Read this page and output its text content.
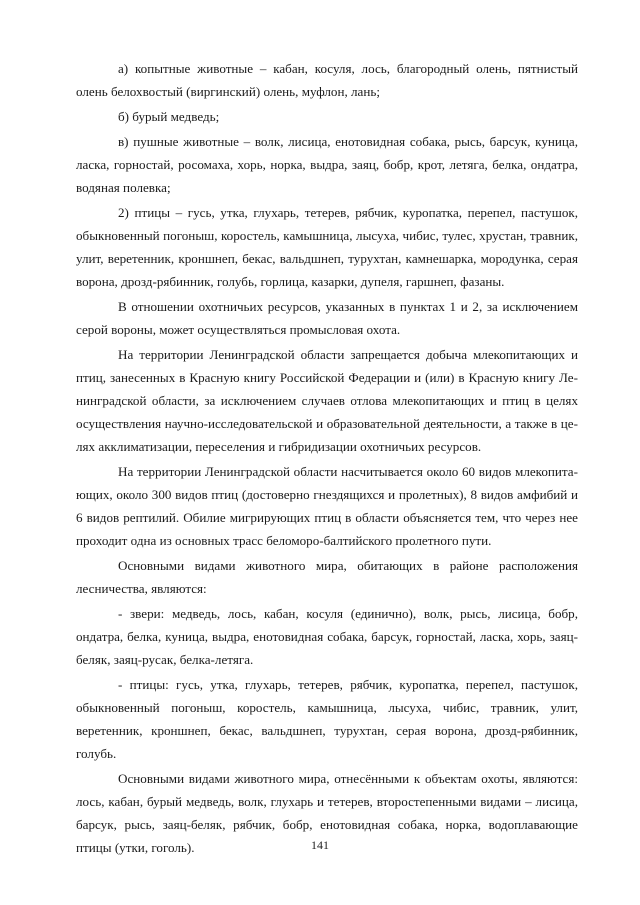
а) копытные животные – кабан, косуля, лось, благородный олень, пятнистый олень белохвостый (виргинский) олень, муфлон, лань;

б) бурый медведь;

в) пушные животные – волк, лисица, енотовидная собака, рысь, барсук, куница, ласка, горностай, росомаха, хорь, норка, выдра, заяц, бобр, крот, летяга, белка, ондатра, водяная полевка;

2) птицы – гусь, утка, глухарь, тетерев, рябчик, куропатка, перепел, пастушок, обыкновенный погоныш, коростель, камышница, лысуха, чибис, тулес, хрустан, травник, улит, веретенник, кроншнеп, бекас, вальдшнеп, турухтан, камнешарка, мородунка, серая ворона, дрозд-рябинник, голубь, горлица, казарки, дупеля, гаршнеп, фазаны.

В отношении охотничьих ресурсов, указанных в пунктах 1 и 2, за исключением серой вороны, может осуществляться промысловая охота.

На территории Ленинградской области запрещается добыча млекопитающих и птиц, занесенных в Красную книгу Российской Федерации и (или) в Красную книгу Ленинградской области, за исключением случаев отлова млекопитающих и птиц в целях осуществления научно-исследовательской и образовательной деятельности, а также в целях акклиматизации, переселения и гибридизации охотничьих ресурсов.

На территории Ленинградской области насчитывается около 60 видов млекопитающих, около 300 видов птиц (достоверно гнездящихся и пролетных), 8 видов амфибий и 6 видов рептилий. Обилие мигрирующих птиц в области объясняется тем, что через нее проходит одна из основных трасс беломоро-балтийского пролетного пути.

Основными видами животного мира, обитающих в районе расположения лесничества, являются:

- звери: медведь, лось, кабан, косуля (единично), волк, рысь, лисица, бобр, ондатра, белка, куница, выдра, енотовидная собака, барсук, горностай, ласка, хорь, заяц-беляк, заяц-русак, белка-летяга.

- птицы: гусь, утка, глухарь, тетерев, рябчик, куропатка, перепел, пастушок, обыкновенный погоныш, коростель, камышница, лысуха, чибис, травник, улит, веретенник, кроншнеп, бекас, вальдшнеп, турухтан, серая ворона, дрозд-рябинник, голубь.

Основными видами животного мира, отнесёнными к объектам охоты, являются: лось, кабан, бурый медведь, волк, глухарь и тетерев, второстепенными видами – лисица, барсук, рысь, заяц-беляк, рябчик, бобр, енотовидная собака, норка, водоплавающие птицы (утки, гоголь).	141
